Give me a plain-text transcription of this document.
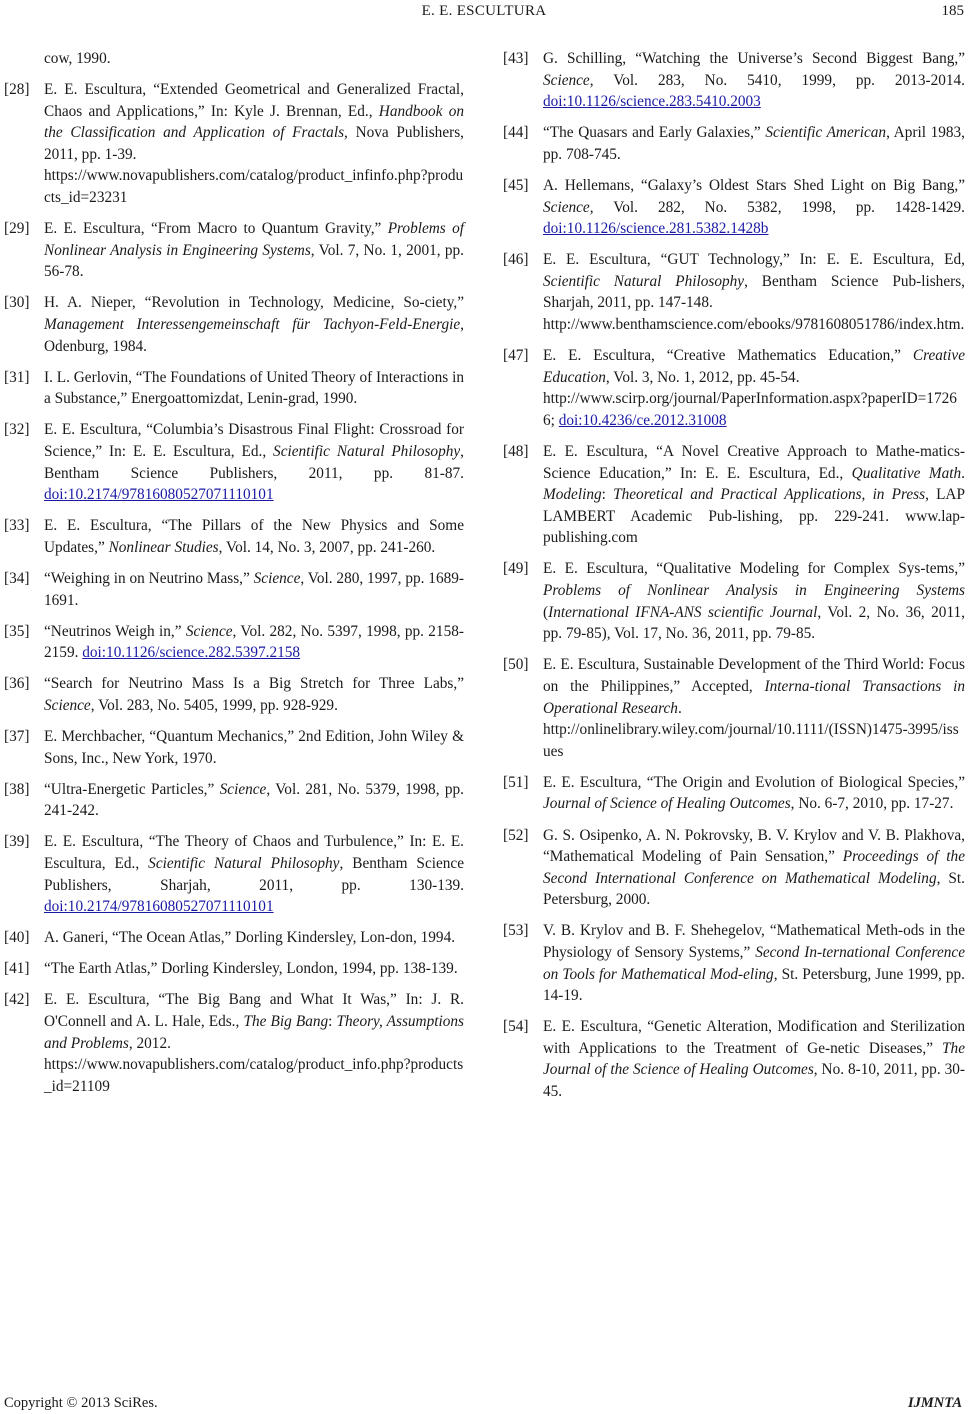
E. E. ESCULTURA	185
cow, 1990.
[28] E. E. Escultura, “Extended Geometrical and Generalized Fractal, Chaos and Applications,” In: Kyle J. Brennan, Ed., Handbook on the Classification and Application of Fractals, Nova Publishers, 2011, pp. 1-39.
https://www.novapublishers.com/catalog/product_infinfo.php?products_id=23231
[29] E. E. Escultura, “From Macro to Quantum Gravity,” Problems of Nonlinear Analysis in Engineering Systems, Vol. 7, No. 1, 2001, pp. 56-78.
[30] H. A. Nieper, “Revolution in Technology, Medicine, So-ciety,” Management Interessengemeinschaft für Tachyon-Feld-Energie, Odenburg, 1984.
[31] I. L. Gerlovin, “The Foundations of United Theory of Interactions in a Substance,” Energoattomizdat, Lenin-grad, 1990.
[32] E. E. Escultura, “Columbia’s Disastrous Final Flight: Crossroad for Science,” In: E. E. Escultura, Ed., Scientific Natural Philosophy, Bentham Science Publishers, 2011, pp. 81-87. doi:10.2174/97816080527071110101
[33] E. E. Escultura, “The Pillars of the New Physics and Some Updates,” Nonlinear Studies, Vol. 14, No. 3, 2007, pp. 241-260.
[34] “Weighing in on Neutrino Mass,” Science, Vol. 280, 1997, pp. 1689-1691.
[35] “Neutrinos Weigh in,” Science, Vol. 282, No. 5397, 1998, pp. 2158-2159. doi:10.1126/science.282.5397.2158
[36] “Search for Neutrino Mass Is a Big Stretch for Three Labs,” Science, Vol. 283, No. 5405, 1999, pp. 928-929.
[37] E. Merchbacher, “Quantum Mechanics,” 2nd Edition, John Wiley & Sons, Inc., New York, 1970.
[38] “Ultra-Energetic Particles,” Science, Vol. 281, No. 5379, 1998, pp. 241-242.
[39] E. E. Escultura, “The Theory of Chaos and Turbulence,” In: E. E. Escultura, Ed., Scientific Natural Philosophy, Bentham Science Publishers, Sharjah, 2011, pp. 130-139. doi:10.2174/97816080527071110101
[40] A. Ganeri, “The Ocean Atlas,” Dorling Kindersley, Lon-don, 1994.
[41] “The Earth Atlas,” Dorling Kindersley, London, 1994, pp. 138-139.
[42] E. E. Escultura, “The Big Bang and What It Was,” In: J. R. O'Connell and A. L. Hale, Eds., The Big Bang: Theory, Assumptions and Problems, 2012.
https://www.novapublishers.com/catalog/product_info.php?products_id=21109
[43] G. Schilling, “Watching the Universe’s Second Biggest Bang,” Science, Vol. 283, No. 5410, 1999, pp. 2013-2014. doi:10.1126/science.283.5410.2003
[44] “The Quasars and Early Galaxies,” Scientific American, April 1983, pp. 708-745.
[45] A. Hellemans, “Galaxy’s Oldest Stars Shed Light on Big Bang,” Science, Vol. 282, No. 5382, 1998, pp. 1428-1429. doi:10.1126/science.281.5382.1428b
[46] E. E. Escultura, “GUT Technology,” In: E. E. Escultura, Ed, Scientific Natural Philosophy, Bentham Science Pub-lishers, Sharjah, 2011, pp. 147-148.
http://www.benthamscience.com/ebooks/9781608051786/index.htm.
[47] E. E. Escultura, “Creative Mathematics Education,” Creative Education, Vol. 3, No. 1, 2012, pp. 45-54.
http://www.scirp.org/journal/PaperInformation.aspx?paperID=17266; doi:10.4236/ce.2012.31008
[48] E. E. Escultura, “A Novel Creative Approach to Mathe-matics-Science Education,” In: E. E. Escultura, Ed., Qualitative Math. Modeling: Theoretical and Practical Applications, in Press, LAP LAMBERT Academic Pub-lishing, pp. 229-241. www.lap-publishing.com
[49] E. E. Escultura, “Qualitative Modeling for Complex Sys-tems,” Problems of Nonlinear Analysis in Engineering Systems (International IFNA-ANS scientific Journal, Vol. 2, No. 36, 2011, pp. 79-85), Vol. 17, No. 36, 2011, pp. 79-85.
[50] E. E. Escultura, Sustainable Development of the Third World: Focus on the Philippines,” Accepted, Interna-tional Transactions in Operational Research.
http://onlinelibrary.wiley.com/journal/10.1111/(ISSN)1475-3995/issues
[51] E. E. Escultura, “The Origin and Evolution of Biological Species,” Journal of Science of Healing Outcomes, No. 6-7, 2010, pp. 17-27.
[52] G. S. Osipenko, A. N. Pokrovsky, B. V. Krylov and V. B. Plakhova, “Mathematical Modeling of Pain Sensation,” Proceedings of the Second International Conference on Mathematical Modeling, St. Petersburg, 2000.
[53] V. B. Krylov and B. F. Shehegelov, “Mathematical Meth-ods in the Physiology of Sensory Systems,” Second In-ternational Conference on Tools for Mathematical Mod-eling, St. Petersburg, June 1999, pp. 14-19.
[54] E. E. Escultura, “Genetic Alteration, Modification and Sterilization with Applications to the Treatment of Ge-netic Diseases,” The Journal of the Science of Healing Outcomes, No. 8-10, 2011, pp. 30-45.
Copyright © 2013 SciRes.	IJMNTA
